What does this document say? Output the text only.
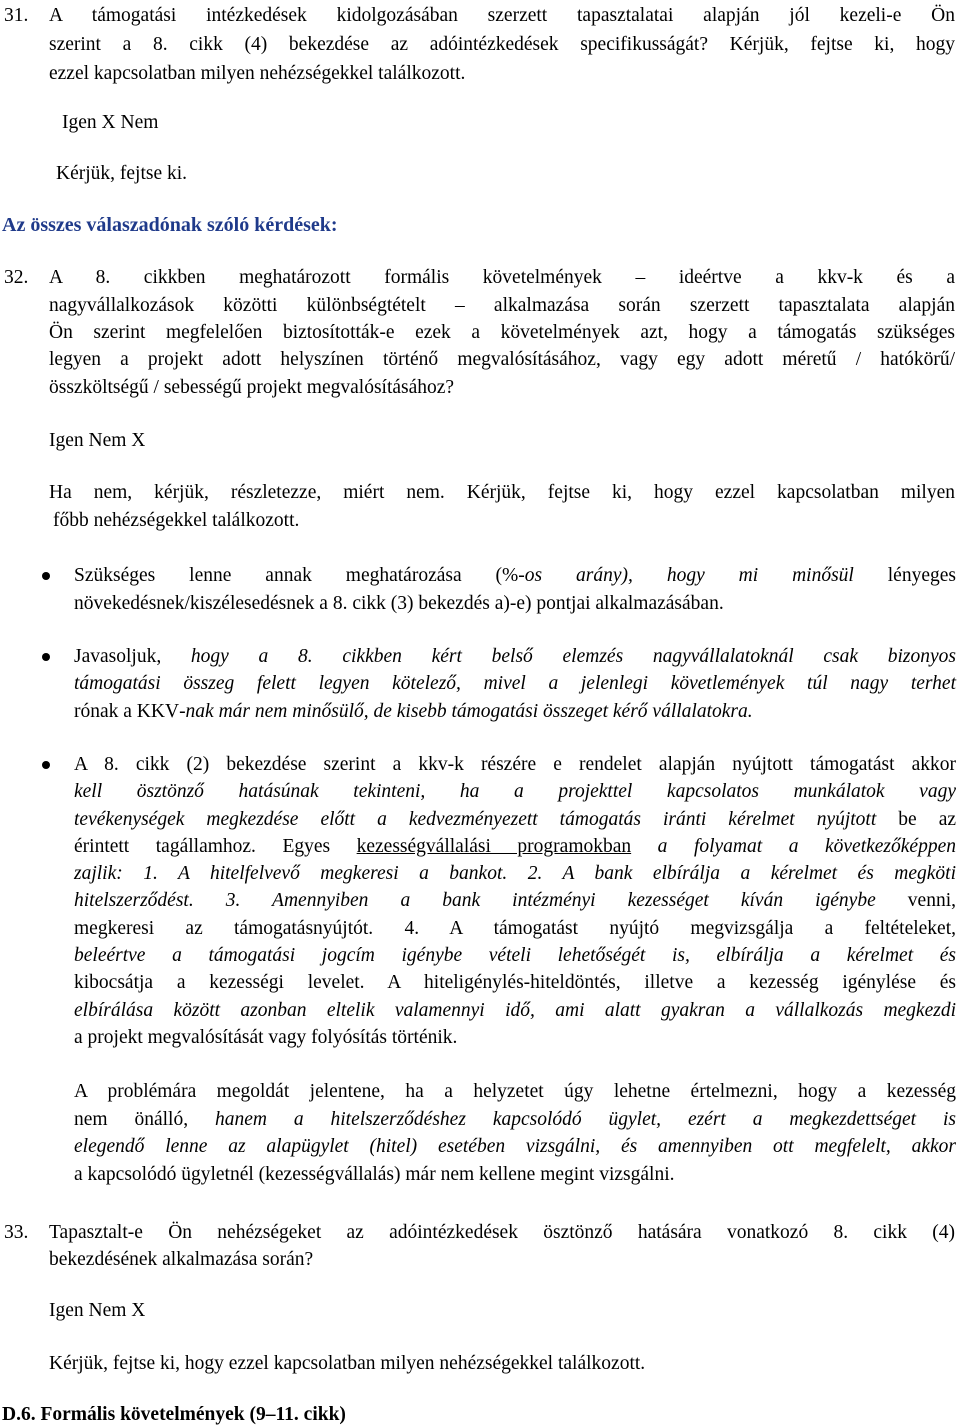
31. A támogatási intézkedések kidolgozásában szerzett tapasztalatai alapján jól kezeli-e Ön
szerint a 8. cikk (4) bekezdése az adóintézkedések specifikusságát? Kérjük, fejtse ki, hogy
ezzel kapcsolatban milyen nehézségekkel találkozott.
Igen X Nem
Kérjük, fejtse ki.
Az összes válaszadónak szóló kérdések:
32. A 8. cikkben meghatározott formális követelmények – ideértve a kkv-k és a
nagyvállalkozások közötti különbségtételt – alkalmazása során szerzett tapasztalata alapján
Ön szerint megfelelően biztosították-e ezek a követelmények azt, hogy a támogatás szükséges
legyen a projekt adott helyszínen történő megvalósításához, vagy egy adott méretű / hatókörű/
összköltségű / sebességű projekt megvalósításához?
Igen Nem X
Ha nem, kérjük, részletezze, miért nem. Kérjük, fejtse ki, hogy ezzel kapcsolatban milyen
főbb nehézségekkel találkozott.
Szükséges lenne annak meghatározása (%-os arány), hogy mi minősül lényeges
növekedésnek/kiszélesedésnek a 8. cikk (3) bekezdés a)-e) pontjai alkalmazásában.
Javasoljuk, hogy a 8. cikkben kért belső elemzés nagyvállalatoknál csak bizonyos
támogatási összeg felett legyen kötelező, mivel a jelenlegi követlemények túl nagy terhet
rónak a KKV-nak már nem minősülő, de kisebb támogatási összeget kérő vállalatokra.
A 8. cikk (2) bekezdése szerint a kkv-k részére e rendelet alapján nyújtott támogatást akkor
kell ösztönző hatásúnak tekinteni, ha a projekttel kapcsolatos munkálatok vagy
tevékenységek megkezdése előtt a kedvezményezett támogatás iránti kérelmet nyújtott be az
érintett tagállamhoz. Egyes kezességvállalási programokban a folyamat a következőképpen
zajlik: 1. A hitelfelvevő megkeresi a bankot. 2. A bank elbírálja a kérelmet és megköti
hitelszerződést. 3. Amennyiben a bank intézményi kezességet kíván igénybe venni,
megkeresi az támogatásnyújtót. 4. A támogatást nyújtó megvizsgálja a feltételeket,
beleértve a támogatási jogcím igénybe vételi lehetőségét is, elbírálja a kérelmet és
kibocsátja a kezességi levelet. A hiteligénylés-hiteldöntés, illetve a kezesség igénylése és
elbírálása között azonban eltelik valamennyi idő, ami alatt gyakran a vállalkozás megkezdi
a projekt megvalósítását vagy folyósítás történik.
A problémára megoldát jelentene, ha a helyzetet úgy lehetne értelmezni, hogy a kezesség
nem önálló, hanem a hitelszerződéshez kapcsolódó ügylet, ezért a megkezdettséget is
elegendő lenne az alapügylet (hitel) esetében vizsgálni, és amennyiben ott megfelelt, akkor
a kapcsolódó ügyletnél (kezességvállalás) már nem kellene megint vizsgálni.
33. Tapasztalt-e Ön nehézségeket az adóintézkedések ösztönző hatására vonatkozó 8. cikk (4)
bekezdésének alkalmazása során?
Igen Nem X
Kérjük, fejtse ki, hogy ezzel kapcsolatban milyen nehézségekkel találkozott.
D.6. Formális követelmények (9–11. cikk)
